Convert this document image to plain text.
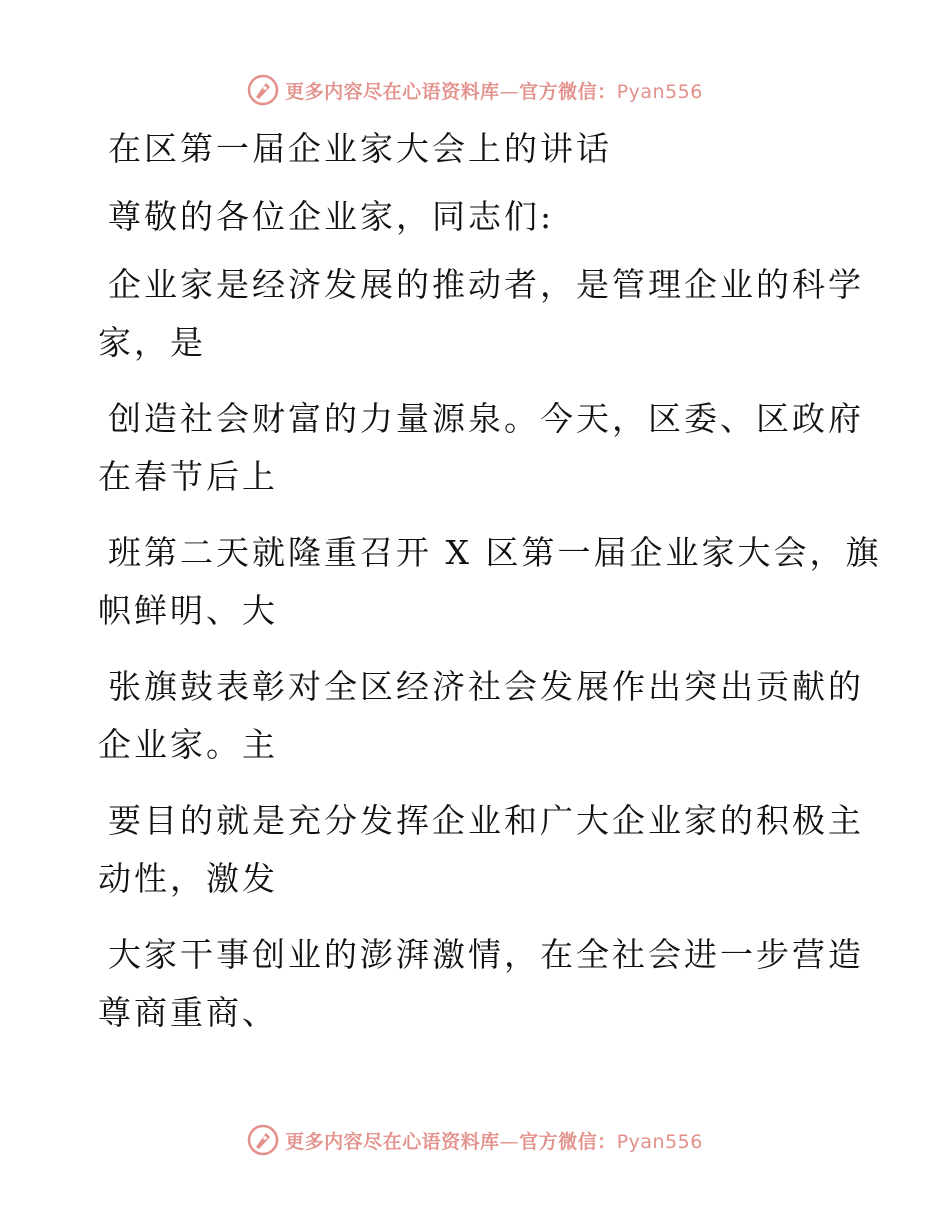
更多内容尽在心语资料库—官方微信：Pyan556
在区第一届企业家大会上的讲话
尊敬的各位企业家，同志们:
企业家是经济发展的推动者，是管理企业的科学
家，是
创造社会财富的力量源泉。今天，区委、区政府
在春节后上
班第二天就隆重召开 X 区第一届企业家大会，旗
帜鲜明、大
张旗鼓表彰对全区经济社会发展作出突出贡献的
企业家。主
要目的就是充分发挥企业和广大企业家的积极主
动性，激发
大家干事创业的澎湃激情，在全社会进一步营造
尊商重商、
更多内容尽在心语资料库—官方微信：Pyan556
